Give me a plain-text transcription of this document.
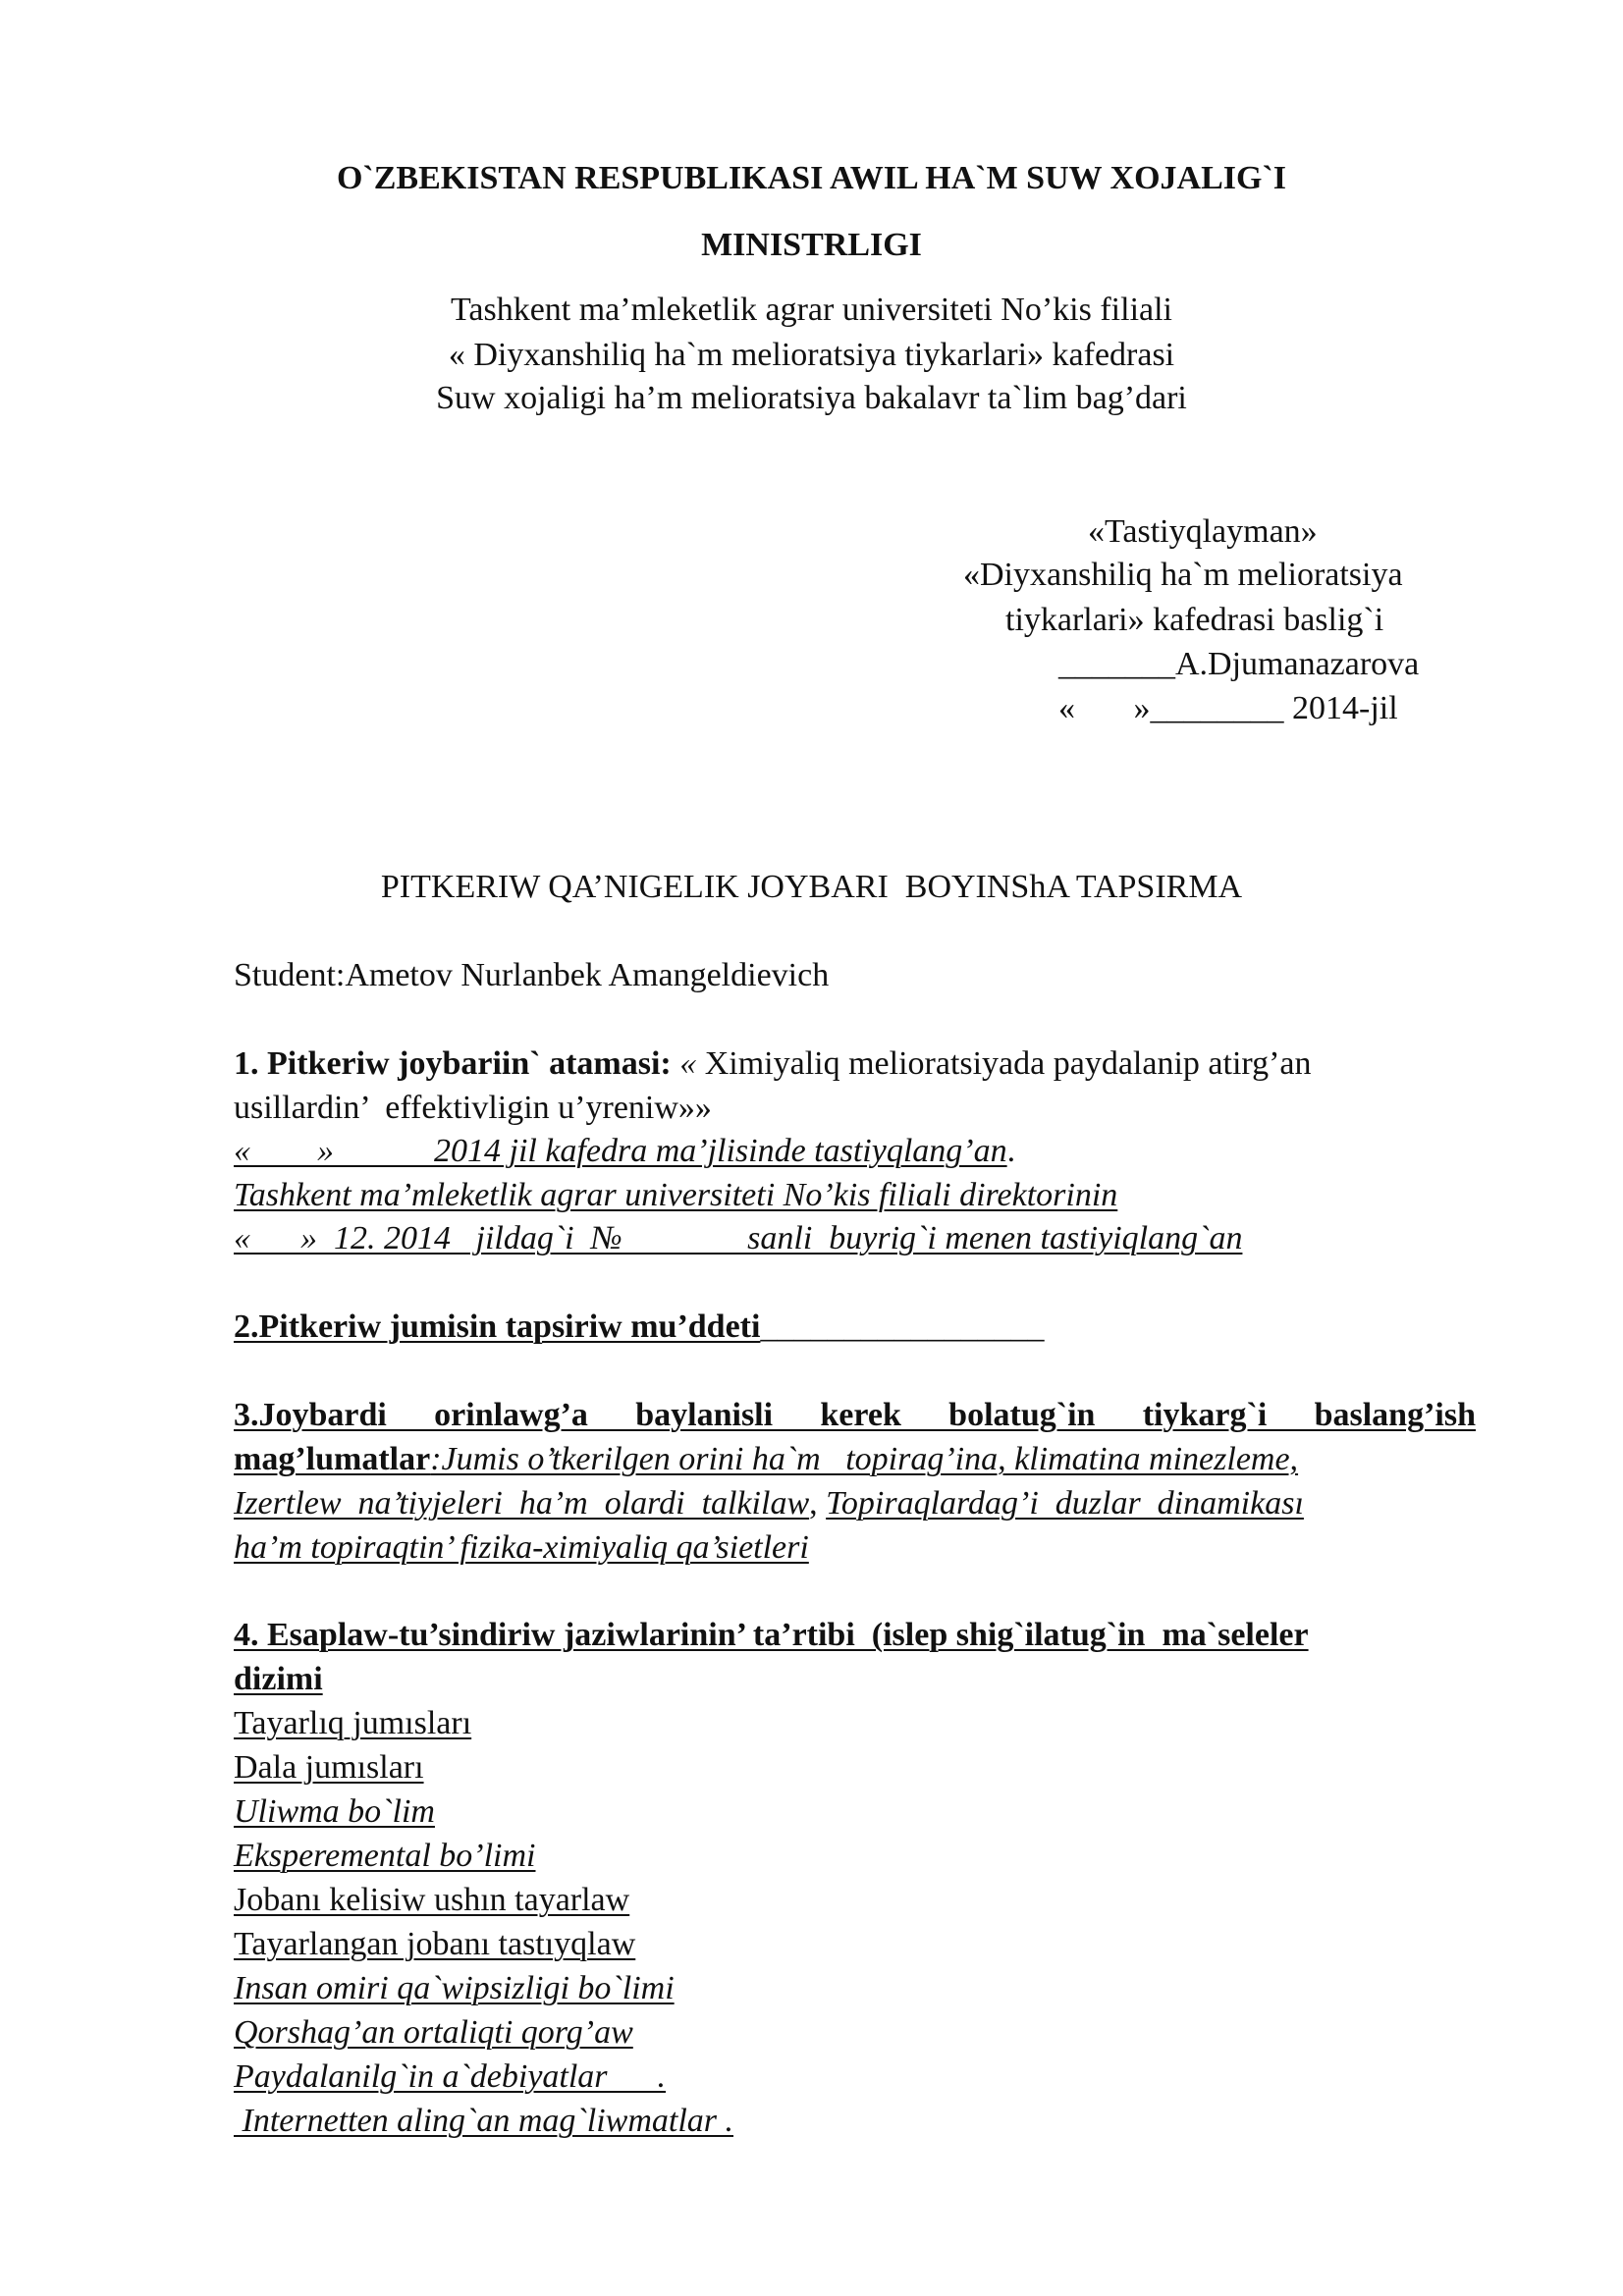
O`ZBEKISTAN RESPUBLIKASI AWIL HA`M SUW XOJALIG`I
MINISTRLIGI
Tashkent ma’mleketlik agrar universiteti No’kis filiali
« Diyxanshiliq ha`m melioratsiya tiykarlari» kafedrasi
Suw xojaligi ha’m melioratsiya bakalavr ta`lim bag’dari
«Tastiyqlayman»
«Diyxanshiliq ha`m melioratsiya
tiykarlari» kafedrasi baslig`i
_______A.Djumanazarova
«       »________ 2014-jil
PITKERIW QA’NIGELIK JOYBARI  BOYINShA TAPSIRMA
Student:Ametov Nurlanbek Amangeldievich
1. Pitkeriw joybariin` atamasi: « Ximiyaliq melioratsiyada paydalanip atirg’an
usillardin’  effektivligin u’yreniw»»
«        »            2014 jil kafedra ma’jlisinde tastiyqlang’an.
Tashkent ma’mleketlik agrar universiteti No’kis filiali direktorinin
«      »  12. 2014   jildag`i  №               sanli  buyrig`i menen tastiyiqlang`an
2.Pitkeriw jumisin tapsiriw mu’ddeti_________________
3.Joybardi orinlawg’a baylanisli kerek bolatug`in tiykarg`i baslang’ish
mag’lumatlar:Jumis o’tkerilgen orini ha`m   topirag’ina, klimatina minezleme,
Izertlew  na’tiyjeleri  ha’m  olardi  talkilaw, Topiraqlardag’i  duzlar  dinamikası
ha’m topiraqtin’ fizika-ximiyaliq qa’sietleri
4. Esaplaw-tu’sindiriw jaziwlarinin’ ta’rtibi  (islep shig`ilatug`in  ma`seleler
dizimi
Tayarlıq jumısları
Dala jumısları
Uliwma bo`lim
Eksperemental bo’limi
Jobanı kelisiw ushın tayarlaw
Tayarlangan jobanı tastıyqlaw
Insan omiri qa`wipsizligi bo`limi
Qorshag’an ortaliqti qorg’aw
Paydalanilg`in a`debiyatlar      .
Internetten aling`an mag`liwmatlar .
